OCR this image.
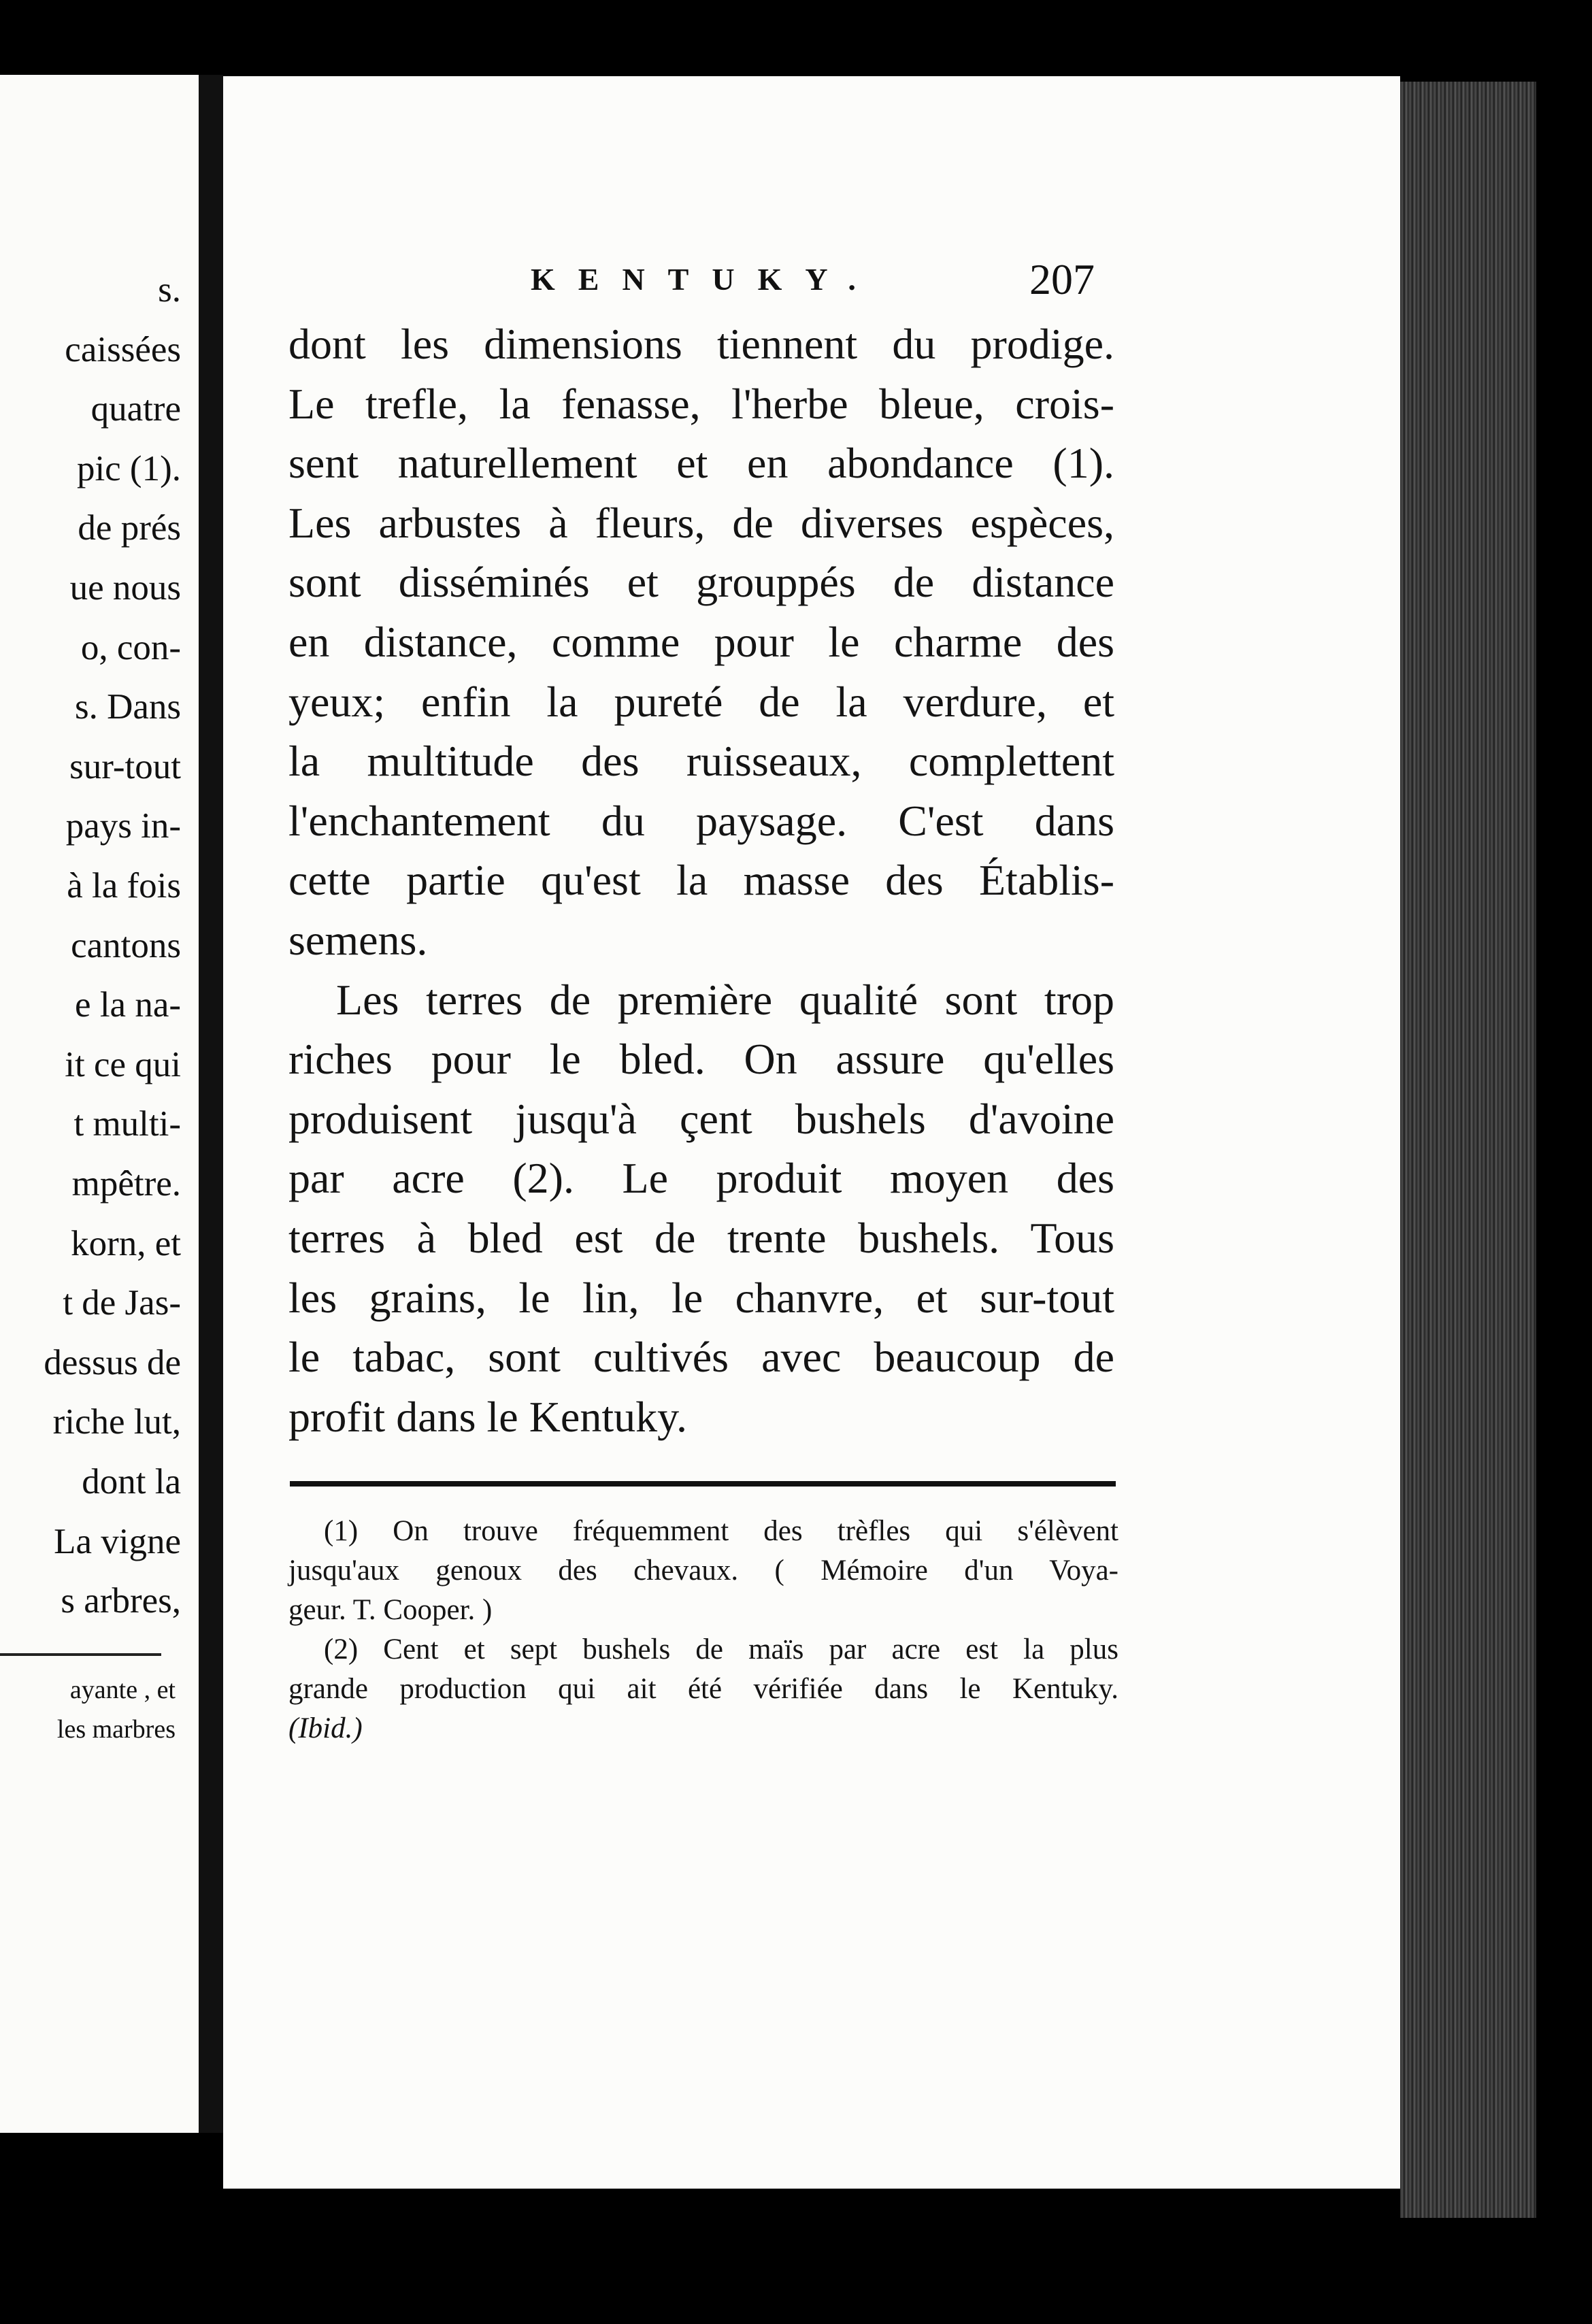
s.
caissées
quatre
pic (1).
de prés
ue nous
o, con-
s. Dans
sur-tout
pays in-
à la fois
cantons
e la na-
it ce qui
t multi-
mpêtre.
korn, et
t de Jas-
dessus de
riche lut,
dont la
La vigne
s arbres,
ayante , et
les marbres
KENTUKY.	207
dont les dimensions tiennent du prodige.
Le trefle, la fenasse, l'herbe bleue, crois-
sent naturellement et en abondance (1).
Les arbustes à fleurs, de diverses espèces,
sont disséminés et grouppés de distance
en distance, comme pour le charme des
yeux; enfin la pureté de la verdure, et
la multitude des ruisseaux, complettent
l'enchantement du paysage. C'est dans
cette partie qu'est la masse des Établis-
semens.
Les terres de première qualité sont trop
riches pour le bled. On assure qu'elles
produisent jusqu'à çent bushels d'avoine
par acre (2). Le produit moyen des
terres à bled est de trente bushels. Tous
les grains, le lin, le chanvre, et sur-tout
le tabac, sont cultivés avec beaucoup de
profit dans le Kentuky.
(1) On trouve fréquemment des trèfles qui s'élèvent
jusqu'aux genoux des chevaux. ( Mémoire d'un Voya-
geur. T. Cooper. )
(2) Cent et sept bushels de maïs par acre est la plus
grande production qui ait été vérifiée dans le Kentuky.
(Ibid.)
